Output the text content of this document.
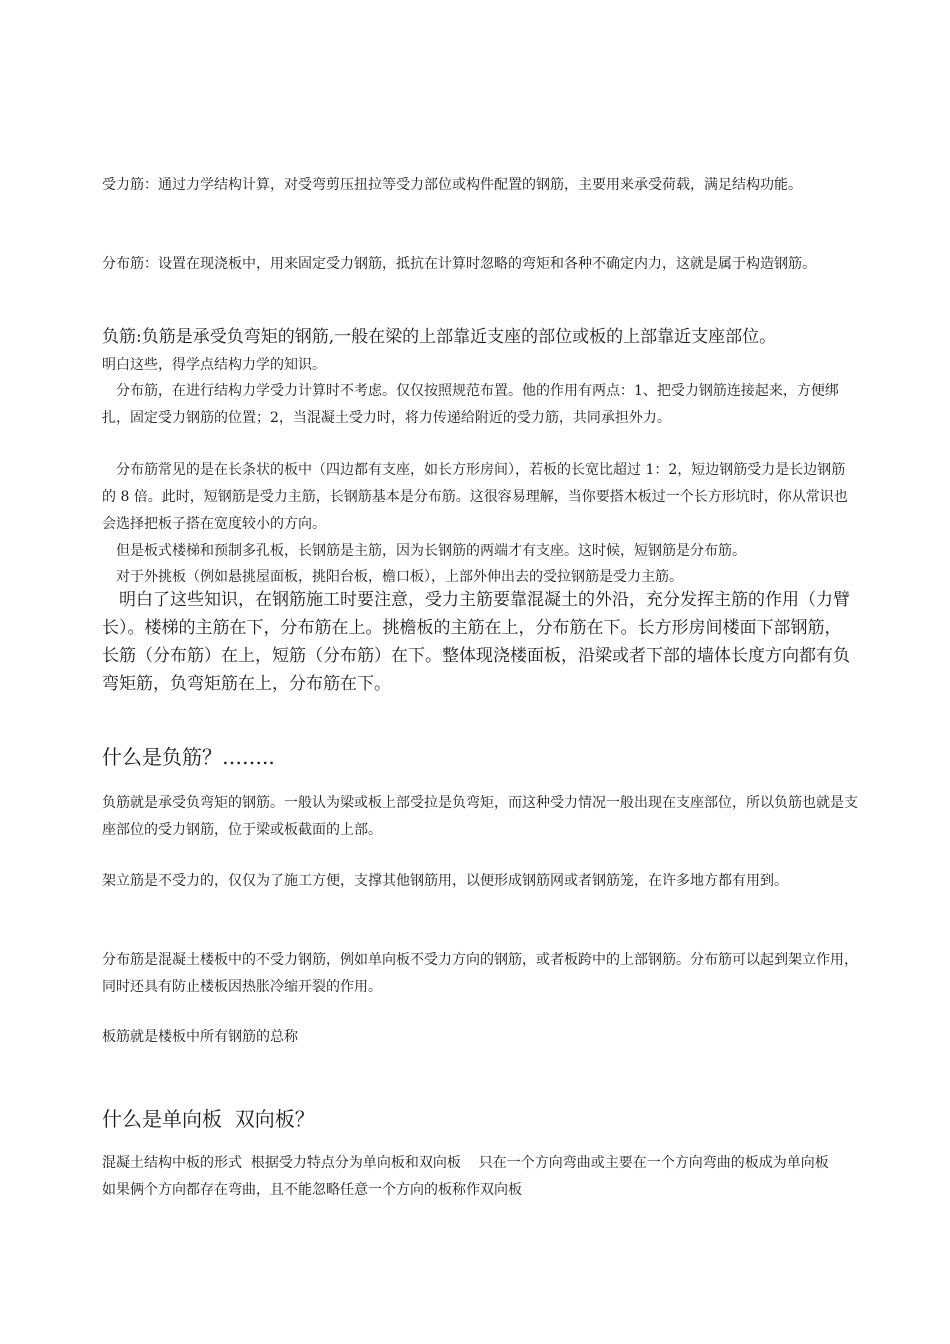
受力筋：通过力学结构计算，对受弯剪压扭拉等受力部位或构件配置的钢筋，主要用来承受荷载，满足结构功能。

分布筋：设置在现浇板中，用来固定受力钢筋，抵抗在计算时忽略的弯矩和各种不确定内力，这就是属于构造钢筋。

负筋:负筋是承受负弯矩的钢筋,一般在梁的上部靠近支座的部位或板的上部靠近支座部位。

明白这些，得学点结构力学的知识。

分布筋，在进行结构力学受力计算时不考虑。仅仅按照规范布置。他的作用有两点：1、把受力钢筋连接起来，方便绑扎，固定受力钢筋的位置；2，当混凝土受力时，将力传递给附近的受力筋，共同承担外力。

分布筋常见的是在长条状的板中（四边都有支座，如长方形房间），若板的长宽比超过 1：2，短边钢筋受力是长边钢筋的 8 倍。此时，短钢筋是受力主筋，长钢筋基本是分布筋。这很容易理解，当你要搭木板过一个长方形坑时，你从常识也会选择把板子搭在宽度较小的方向。

但是板式楼梯和预制多孔板，长钢筋是主筋，因为长钢筋的两端才有支座。这时候，短钢筋是分布筋。

对于外挑板（例如悬挑屋面板，挑阳台板，檐口板），上部外伸出去的受拉钢筋是受力主筋。

明白了这些知识，在钢筋施工时要注意，受力主筋要靠混凝土的外沿，充分发挥主筋的作用（力臂长）。楼梯的主筋在下，分布筋在上。挑檐板的主筋在上，分布筋在下。长方形房间楼面下部钢筋，长筋（分布筋）在上，短筋（分布筋）在下。整体现浇楼面板，沿梁或者下部的墙体长度方向都有负弯矩筋，负弯矩筋在上，分布筋在下。

什么是负筋？……..

负筋就是承受负弯矩的钢筋。一般认为梁或板上部受拉是负弯矩，而这种受力情况一般出现在支座部位，所以负筋也就是支座部位的受力钢筋，位于梁或板截面的上部。

架立筋是不受力的，仅仅为了施工方便，支撑其他钢筋用，以便形成钢筋网或者钢筋笼，在许多地方都有用到。

分布筋是混凝土楼板中的不受力钢筋，例如单向板不受力方向的钢筋，或者板跨中的上部钢筋。分布筋可以起到架立作用，同时还具有防止楼板因热胀冷缩开裂的作用。

板筋就是楼板中所有钢筋的总称

什么是单向板  双向板？

混凝土结构中板的形式  根据受力特点分为单向板和双向板    只在一个方向弯曲或主要在一个方向弯曲的板成为单向板      如果俩个方向都存在弯曲，且不能忽略任意一个方向的板称作双向板
